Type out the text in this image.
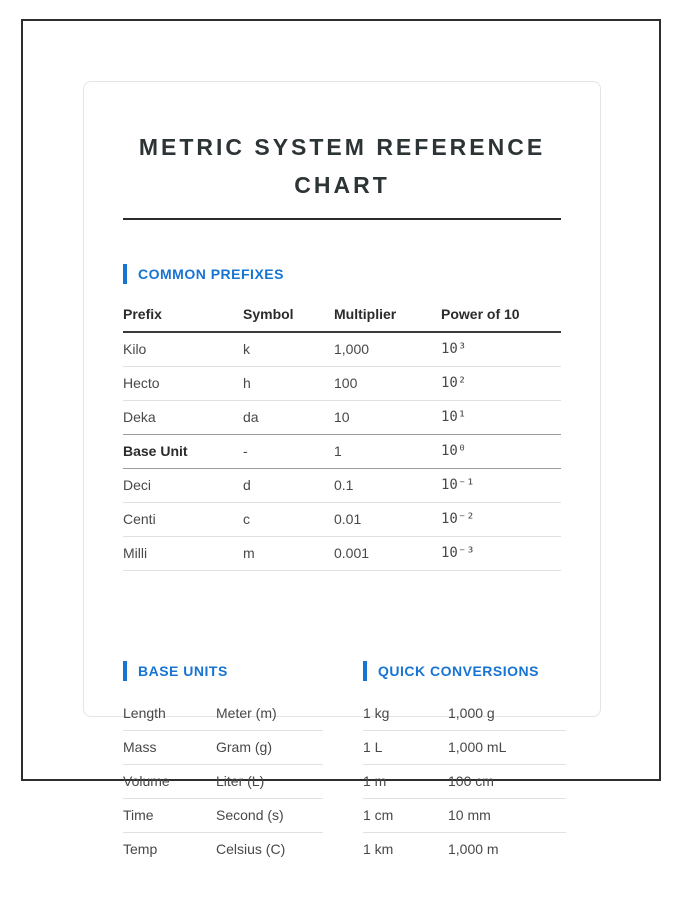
METRIC SYSTEM REFERENCE
CHART
COMMON PREFIXES
Prefix	Symbol	Multiplier	Power of 10
Kilo	k	1,000	10³
Hecto	h	100	10²
Deka	da	10	10¹
Base Unit	-	1	10⁰
Deci	d	0.1	10⁻¹
Centi	c	0.01	10⁻²
Milli	m	0.001	10⁻³
BASE UNITS
Length	Meter (m)
Mass	Gram (g)
Volume	Liter (L)
Time	Second (s)
Temp	Celsius (C)
QUICK CONVERSIONS
1 kg	1,000 g
1 L	1,000 mL
1 m	100 cm
1 cm	10 mm
1 km	1,000 m
